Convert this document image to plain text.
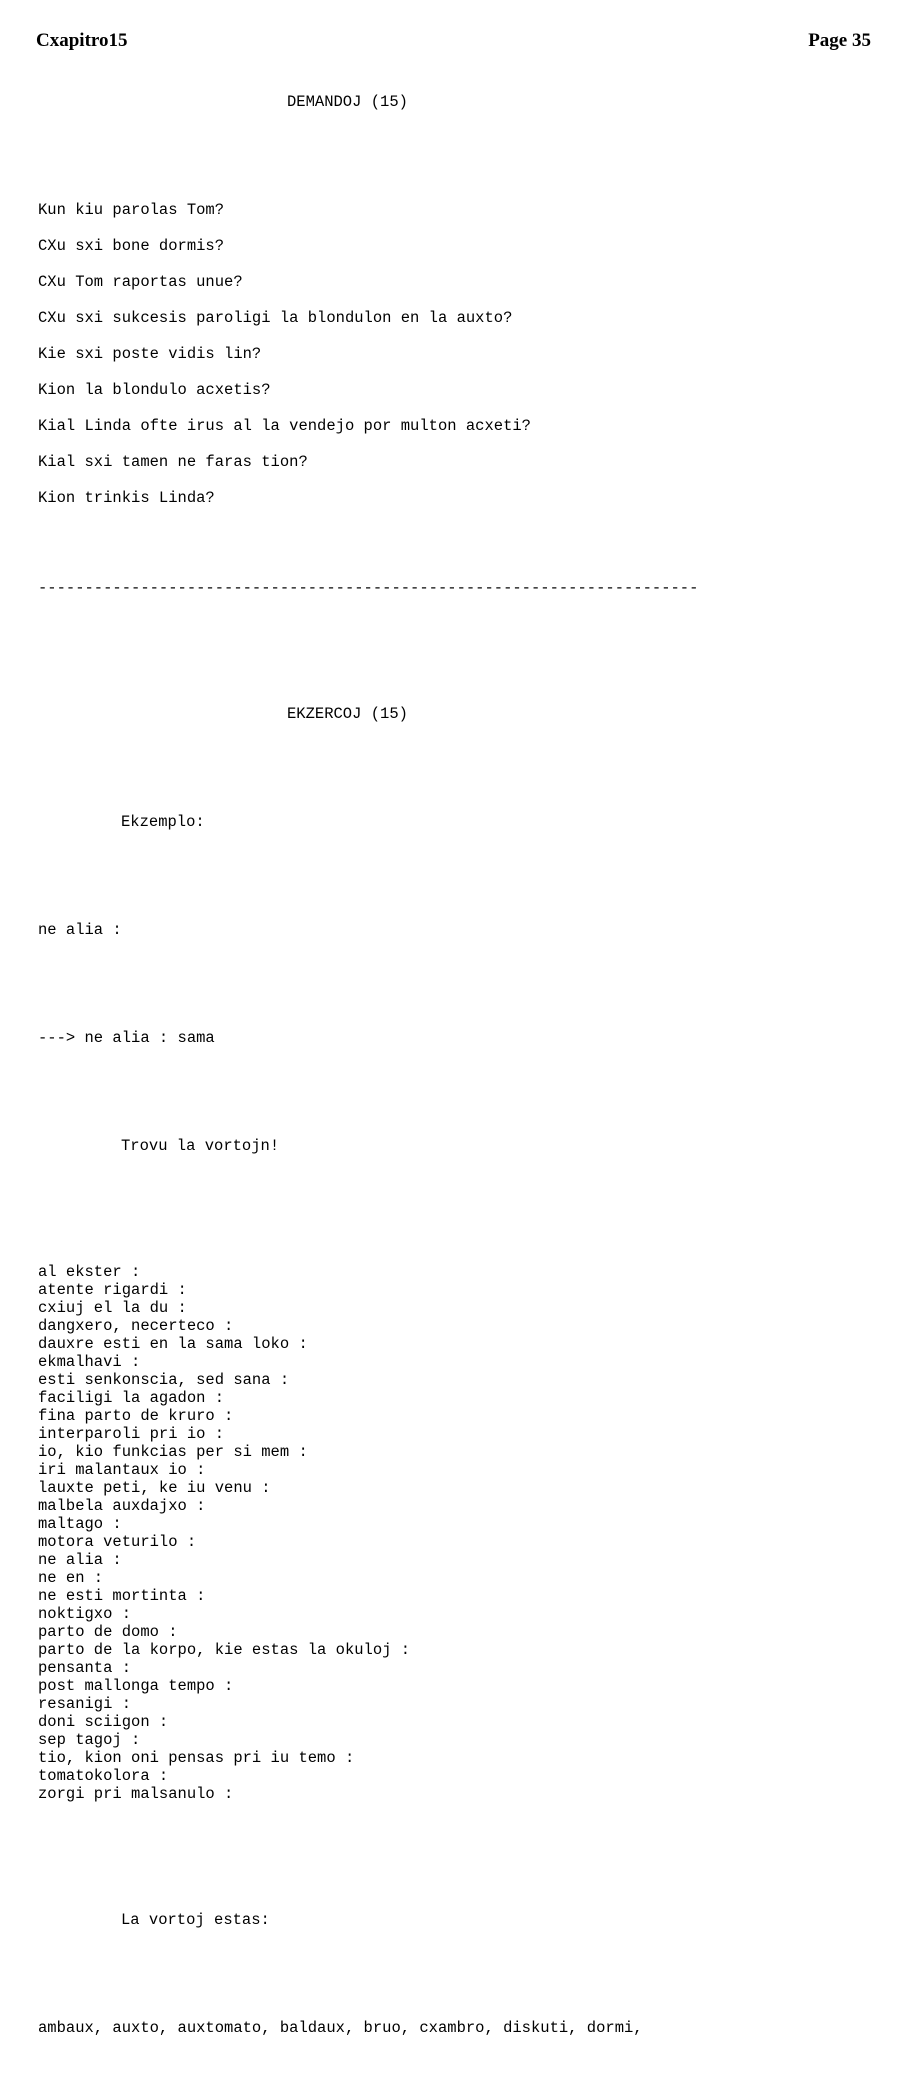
Cxapitro15	Page 35

DEMANDOJ (15)

Kun kiu parolas Tom?
CXu sxi bone dormis?
CXu Tom raportas unue?
CXu sxi sukcesis paroligi la blondulon en la auxto?
Kie sxi poste vidis lin?
Kion la blondulo acxetis?
Kial Linda ofte irus al la vendejo por multon acxeti?
Kial sxi tamen ne faras tion?
Kion trinkis Linda?

-----------------------------------------------------------------------

EKZERCOJ (15)

Ekzemplo:

ne alia :

---> ne alia : sama

Trovu la vortojn!

al ekster :
atente rigardi :
cxiuj el la du :
dangxero, necerteco :
dauxre esti en la sama loko :
ekmalhavi :
esti senkonscia, sed sana :
faciligi la agadon :
fina parto de kruro :
interparoli pri io :
io, kio funkcias per si mem :
iri malantaux io :
lauxte peti, ke iu venu :
malbela auxdajxo :
maltago :
motora veturilo :
ne alia :
ne en :
ne esti mortinta :
noktigxo :
parto de domo :
parto de la korpo, kie estas la okuloj :
pensanta :
post mallonga tempo :
resanigi :
doni sciigon :
sep tagoj :
tio, kion oni pensas pri iu temo :
tomatokolora :
zorgi pri malsanulo :

La vortoj estas:

ambaux, auxto, auxtomato, baldaux, bruo, cxambro, diskuti, dormi,
